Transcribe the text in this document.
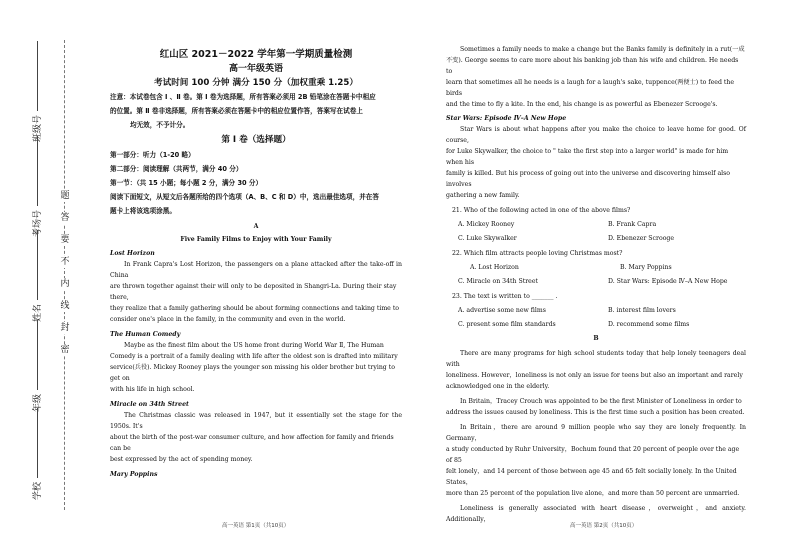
班级号
考场号
姓名
年级
学校
题
答
要
不
内
线
封
密
红山区 2021－2022 学年第一学期质量检测
高一年级英语
考试时间 100 分钟 满分 150 分（加权重乘 1.25）
注意：本试卷包含 Ⅰ 、Ⅱ 卷。第 Ⅰ 卷为选择题，所有答案必须用 2B 铅笔涂在答题卡中相应
的位置。第 Ⅱ 卷非选择题，所有答案必须在答题卡中的相应位置作答，答案写在试卷上
均无效，不予计分。
第 Ⅰ 卷（选择题）
第一部分：听力（1-20 略）
第二部分：阅读理解（共两节，满分 40 分）
第一节：（共 15 小题；每小题 2 分，满分 30 分）
阅读下面短文，从短文后各题所给的四个选项（A、B、C 和 D）中，选出最佳选项，并在答
题卡上将该选项涂黑。
A
Five Family Films to Enjoy with Your Family
Lost Horizon
In Frank Capra's Lost Horizon, the passengers on a plane attacked after the take-off in China
are thrown together against their will only to be deposited in Shangri-La. During their stay there,
they realize that a family gathering should be about forming connections and taking time to
consider one's place in the family, in the community and even in the world.
The Human Comedy
Maybe as the finest film about the US home front during World War Ⅱ, The Human
Comedy is a portrait of a family dealing with life after the oldest son is drafted into military
service(兵役). Mickey Rooney plays the younger son missing his older brother but trying to get on
with his life in high school.
Miracle on 34th Street
The Christmas classic was released in 1947, but it essentially set the stage for the 1950s. It's
about the birth of the post-war consumer culture, and how affection for family and friends can be
best expressed by the act of spending money.
Mary Poppins
高一英语 第1页（共10页）
Sometimes a family needs to make a change but the Banks family is definitely in a rut(一成
不变). George seems to care more about his banking job than his wife and children. He needs to
learn that sometimes all he needs is a laugh for a laugh's sake, tuppence(两便士) to feed the birds
and the time to fly a kite. In the end, his change is as powerful as Ebenezer Scrooge's.
Star Wars: Episode Ⅳ–A New Hope
Star Wars is about what happens after you make the choice to leave home for good. Of course,
for Luke Skywalker, the choice to " take the first step into a larger world" is made for him when his
family is killed. But his process of going out into the universe and discovering himself also involves
gathering a new family.
21. Who of the following acted in one of the above films?
A. Mickey Rooney	B. Frank Capra
C. Luke Skywalker	D. Ebenezer Scrooge
22. Which film attracts people loving Christmas most?
A. Lost Horizon	B. Mary Poppins
C. Miracle on 34th Street	D. Star Wars: Episode Ⅳ–A New Hope
23. The text is written to _______ .
A. advertise some new films	B. interest film lovers
C. present some film standards	D. recommend some films
B
There are many programs for high school students today that help lonely teenagers deal with
loneliness. However，loneliness is not only an issue for teens but also an important and rarely
acknowledged one in the elderly.
In Britain，Tracey Crouch was appointed to be the first Minister of Loneliness in order to
address the issues caused by loneliness. This is the first time such a position has been created.
In Britain，there are around 9 million people who say they are lonely frequently. In Germany，
a study conducted by Ruhr University，Bochum found that 20 percent of people over the age of 85
felt lonely，and 14 percent of those between age 45 and 65 felt socially lonely. In the United States，
more than 25 percent of the population live alone，and more than 50 percent are unmarried.
Loneliness is generally associated with heart disease，overweight，and anxiety. Additionally，
高一英语 第2页（共10页）
